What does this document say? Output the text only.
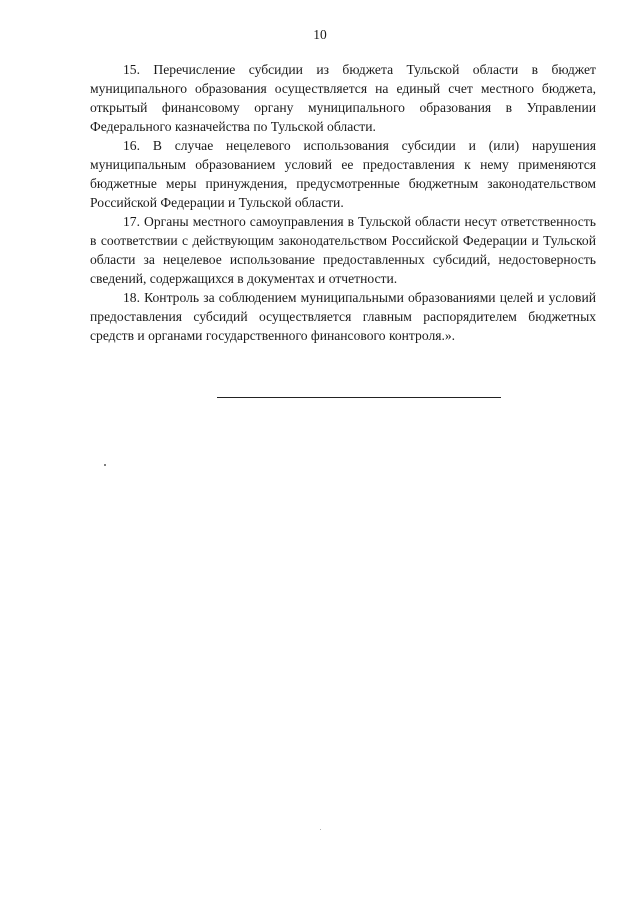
10

15. Перечисление субсидии из бюджета Тульской области в бюджет муниципального образования осуществляется на единый счет местного бюджета, открытый финансовому органу муниципального образования в Управлении Федерального казначейства по Тульской области.

16. В случае нецелевого использования субсидии и (или) нарушения муниципальным образованием условий ее предоставления к нему применяются бюджетные меры принуждения, предусмотренные бюджетным законодательством Российской Федерации и Тульской области.

17. Органы местного самоуправления в Тульской области несут ответственность в соответствии с действующим законодательством Российской Федерации и Тульской области за нецелевое использование предоставленных субсидий, недостоверность сведений, содержащихся в документах и отчетности.

18. Контроль за соблюдением муниципальными образованиями целей и условий предоставления субсидий осуществляется главным распорядителем бюджетных средств и органами государственного финансового контроля.».
